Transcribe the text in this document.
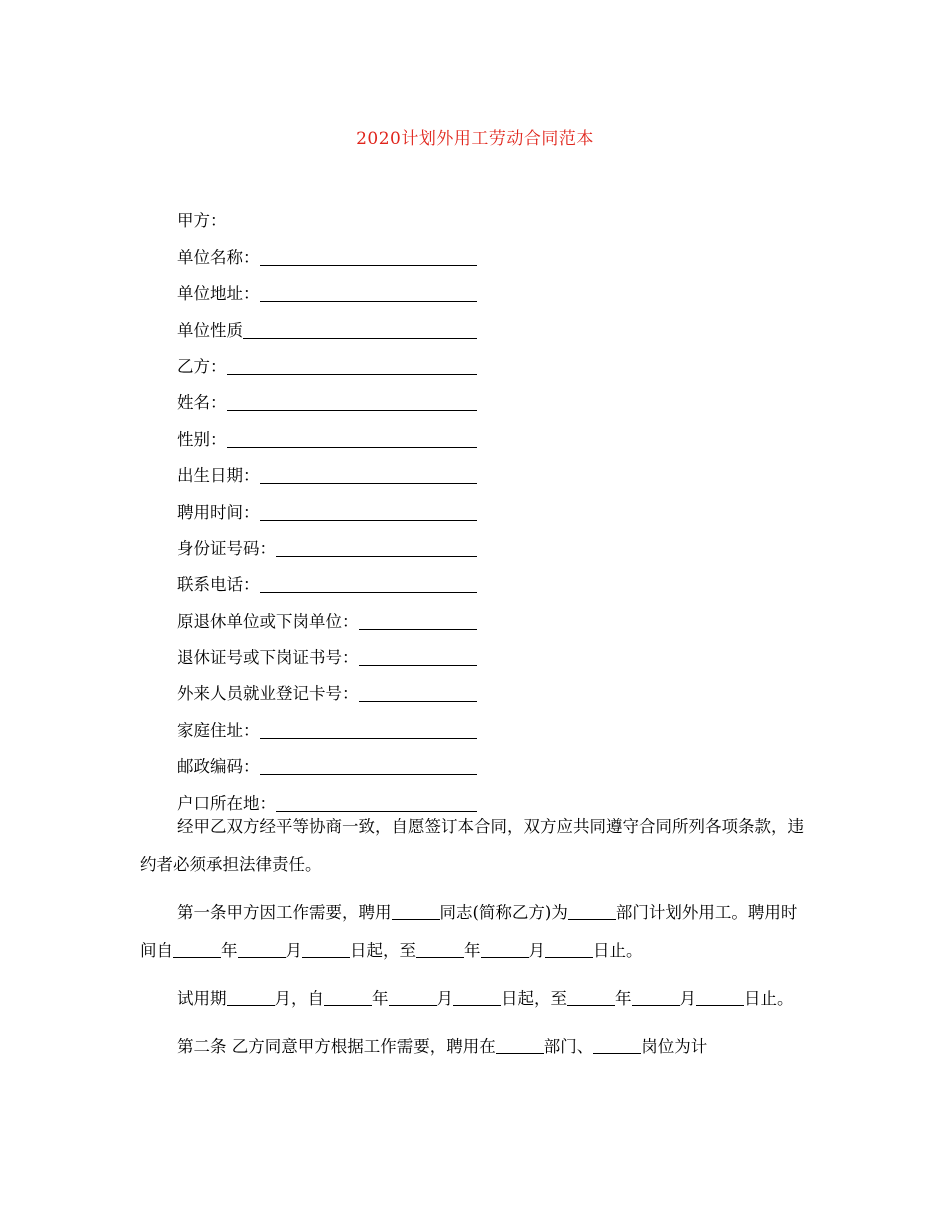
2020计划外用工劳动合同范本
甲方：
单位名称：
单位地址：
单位性质
乙方：
姓名：
性别：
出生日期：
聘用时间：
身份证号码：
联系电话：
原退休单位或下岗单位：
退休证号或下岗证书号：
外来人员就业登记卡号：
家庭住址：
邮政编码：
户口所在地：

经甲乙双方经平等协商一致，自愿签订本合同，双方应共同遵守合同所列各项条款，违约者必须承担法律责任。

第一条甲方因工作需要，聘用	同志(简称乙方)为	部门计划外用工。聘用时间自	年	月	日起，至	年	月	日止。

试用期	月，自	年	月	日起，至	年	月	日止。

第二条 乙方同意甲方根据工作需要，聘用在	部门、	岗位为计
